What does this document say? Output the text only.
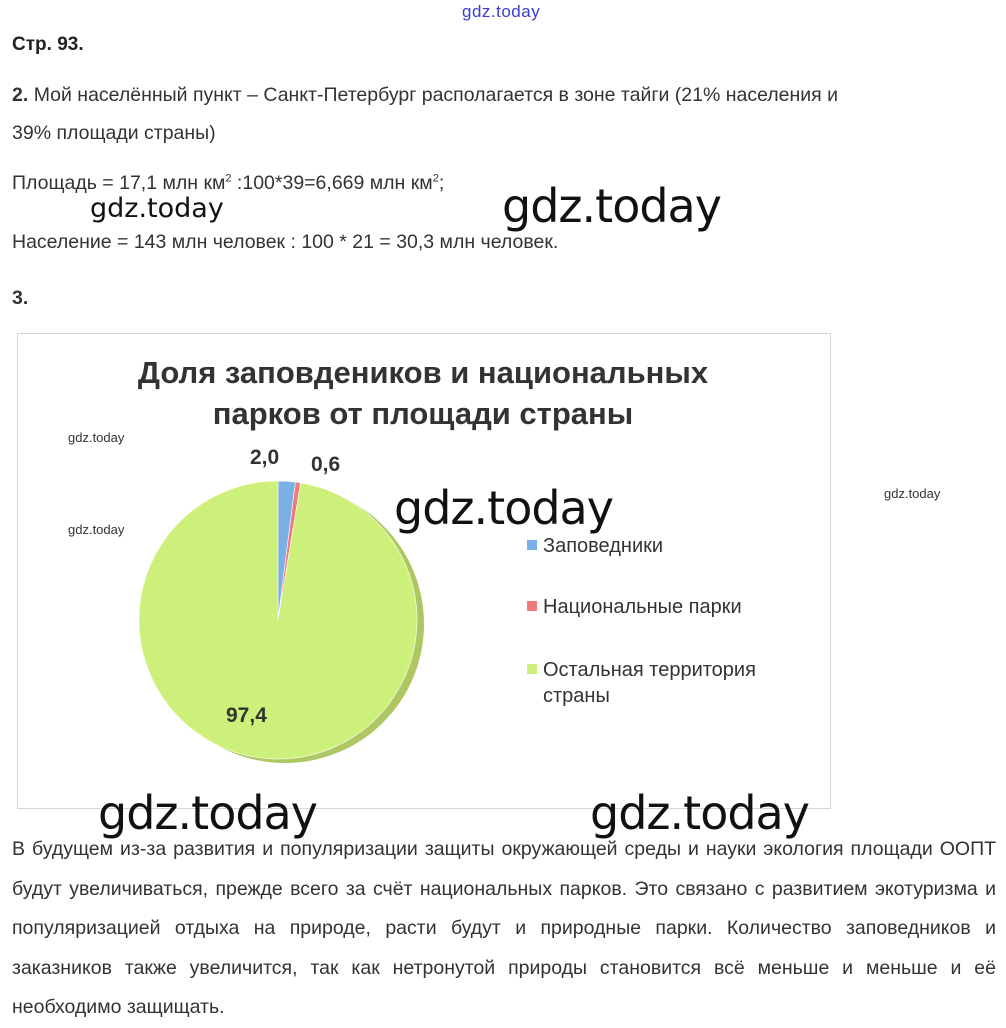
gdz.today
Стр. 93.
2. Мой населённый пункт – Санкт-Петербург располагается в зоне тайги (21% населения и
39% площади страны)
Площадь = 17,1 млн $км^2$ :100*39=6,669 млн $км^2$;
gdz.today	gdz.today
Население = 143 млн человек : 100 * 21 = 30,3 млн человек.
3.
Доля заповдеников и национальных
парков от площади страны
2,0 0,6
97,4
Заповедники
Национальные парки
Остальная территория
страны
gdz.today
gdz.today
gdz.today
gdz.today
gdz.today	gdz.today
В будущем из-за развития и популяризации защиты окружающей среды и науки экология площади ООПТ будут увеличиваться, прежде всего за счёт национальных парков. Это связано с развитием экотуризма и популяризацией отдыха на природе, расти будут и природные парки. Количество заповедников и заказников также увеличится, так как нетронутой природы становится всё меньше и меньше и её необходимо защищать.
